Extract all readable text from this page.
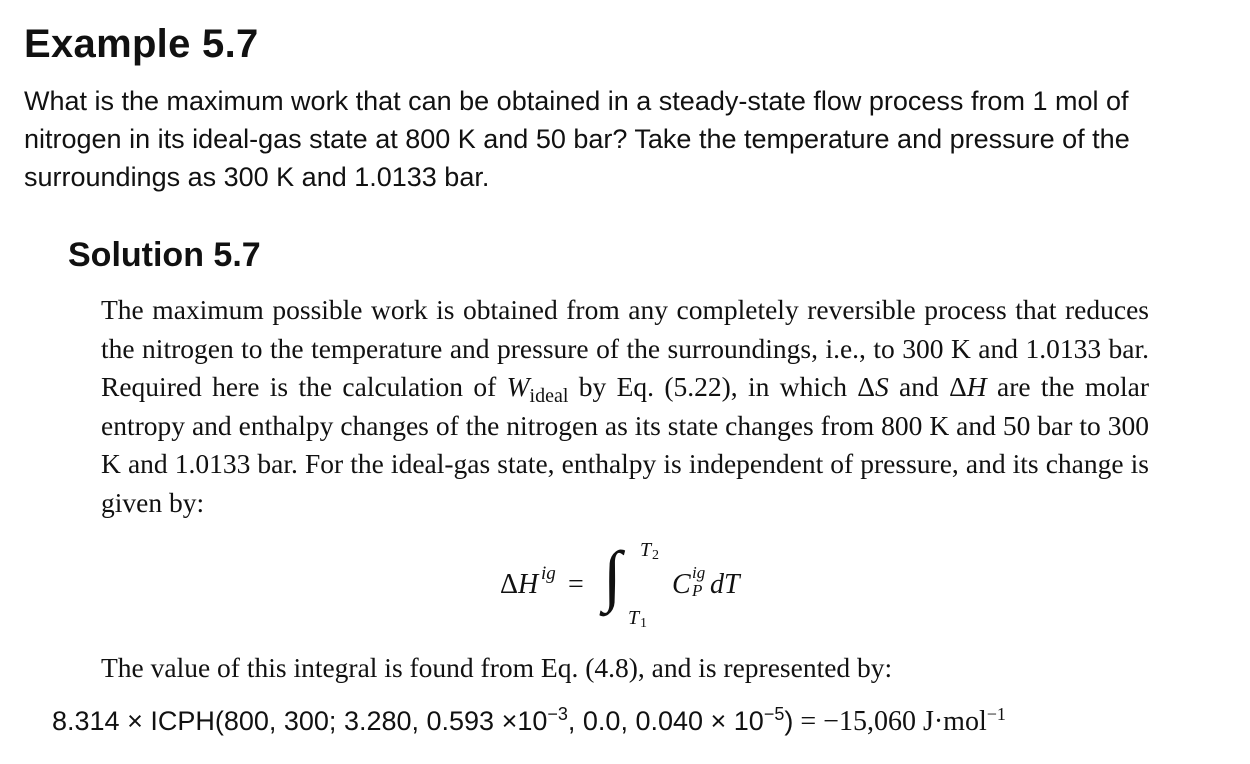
Example 5.7

What is the maximum work that can be obtained in a steady-state flow process from 1 mol of nitrogen in its ideal-gas state at 800 K and 50 bar? Take the temperature and pressure of the surroundings as 300 K and 1.0133 bar.

Solution 5.7

The maximum possible work is obtained from any completely reversible process that reduces the nitrogen to the temperature and pressure of the surroundings, i.e., to 300 K and 1.0133 bar. Required here is the calculation of $W_{ideal}$ by Eq. (5.22), in which ΔS and ΔH are the molar entropy and enthalpy changes of the nitrogen as its state changes from 800 K and 50 bar to 300 K and 1.0133 bar. For the ideal-gas state, enthalpy is independent of pressure, and its change is given by:

Δ H ig = ∫ T 2
T 1
C ig
P dT

The value of this integral is found from Eq. (4.8), and is represented by:

8.314 × ICPH(800, 300; 3.280, $0.593 \times 10^{-3}$, 0.0, $0.040 \times 10^{-5}) = -15,060$ J·mol$^{-1}$
